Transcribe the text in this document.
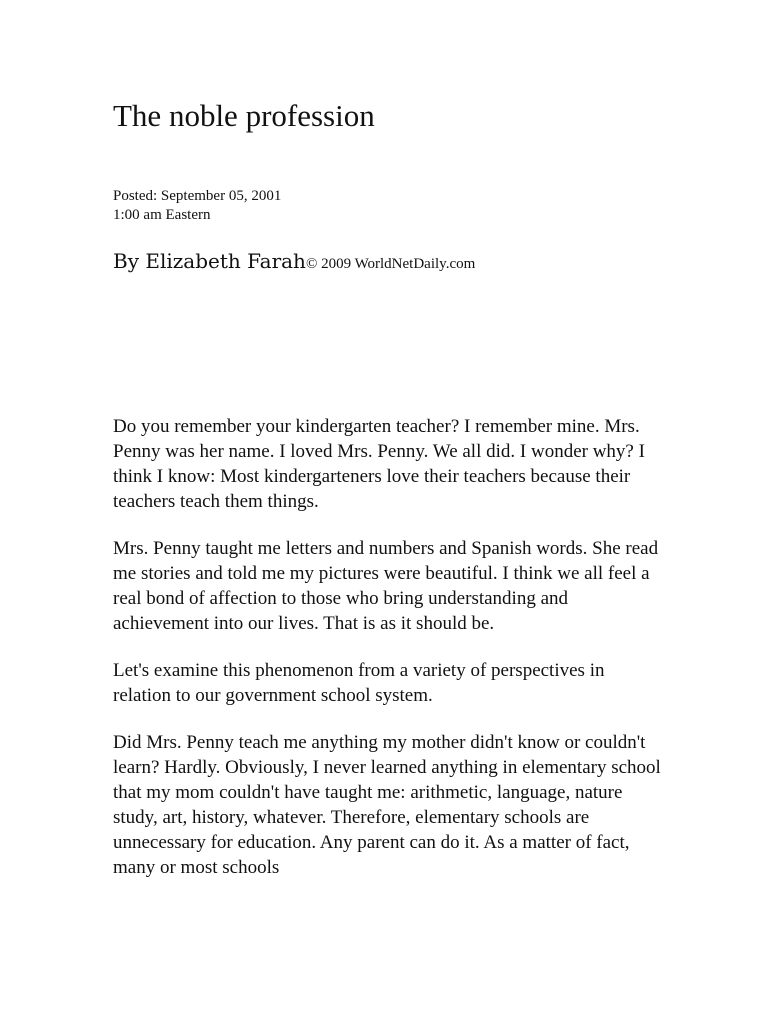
The noble profession
Posted: September 05, 2001
1:00 am Eastern
By Elizabeth Farah© 2009 WorldNetDaily.com

Do you remember your kindergarten teacher? I remember mine. Mrs. Penny was her name. I loved Mrs. Penny. We all did. I wonder why? I think I know: Most kindergarteners love their teachers because their teachers teach them things.

Mrs. Penny taught me letters and numbers and Spanish words. She read me stories and told me my pictures were beautiful. I think we all feel a real bond of affection to those who bring understanding and achievement into our lives. That is as it should be.

Let's examine this phenomenon from a variety of perspectives in relation to our government school system.

Did Mrs. Penny teach me anything my mother didn't know or couldn't learn? Hardly. Obviously, I never learned anything in elementary school that my mom couldn't have taught me: arithmetic, language, nature study, art, history, whatever. Therefore, elementary schools are unnecessary for education. Any parent can do it. As a matter of fact, many or most schools
